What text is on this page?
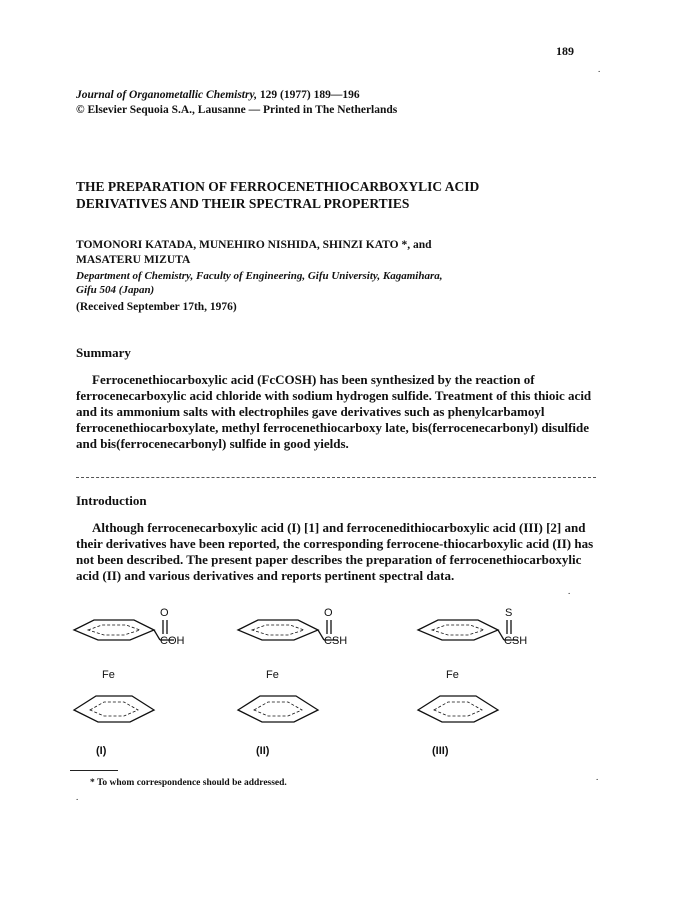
189
.
Journal of Organometallic Chemistry, 129 (1977) 189—196
© Elsevier Sequoia S.A., Lausanne — Printed in The Netherlands
THE PREPARATION OF FERROCENETHIOCARBOXYLIC ACID
DERIVATIVES AND THEIR SPECTRAL PROPERTIES
TOMONORI KATADA, MUNEHIRO NISHIDA, SHINZI KATO *, and
MASATERU MIZUTA
Department of Chemistry, Faculty of Engineering, Gifu University, Kagamihara,
Gifu 504 (Japan)
(Received September 17th, 1976)
Summary

Ferrocenethiocarboxylic acid (FcCOSH) has been synthesized by the reaction of ferrocenecarboxylic acid chloride with sodium hydrogen sulfide. Treatment of this thioic acid and its ammonium salts with electrophiles gave derivatives such as phenylcarbamoyl ferrocenethiocarboxylate, methyl ferrocenethiocarboxy late, bis(ferrocenecarbonyl) disulfide and bis(ferrocenecarbonyl) sulfide in good yields.

Introduction

Although ferrocenecarboxylic acid (I) [1] and ferrocenedithiocarboxylic acid (III) [2] and their derivatives have been reported, the corresponding ferrocene-thiocarboxylic acid (II) has not been described. The present paper describes the preparation of ferrocenethiocarboxylic acid (II) and various derivatives and reports pertinent spectral data.

.
O
COH
Fe
(I)
O
CSH
Fe
(II)
S
CSH
Fe
(III)
* To whom correspondence should be addressed.
.
.
